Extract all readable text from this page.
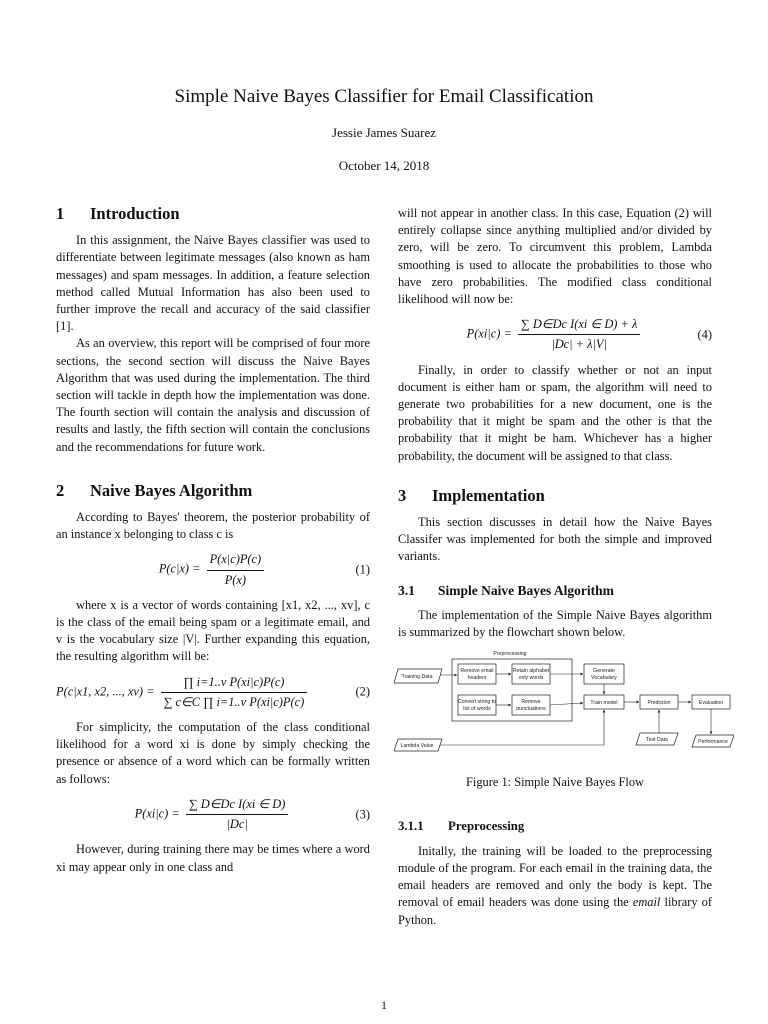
Simple Naive Bayes Classifier for Email Classification
Jessie James Suarez
October 14, 2018
1 Introduction

In this assignment, the Naive Bayes classifier was used to differentiate between legitimate messages (also known as ham messages) and spam messages. In addition, a feature selection method called Mutual Information has also been used to further improve the recall and accuracy of the said classifier [1].

As an overview, this report will be comprised of four more sections, the second section will discuss the Naive Bayes Algorithm that was used during the implementation. The third section will tackle in depth how the implementation was done. The fourth section will contain the analysis and discussion of results and lastly, the fifth section will contain the conclusions and the recommendations for future work.

2 Naive Bayes Algorithm

According to Bayes' theorem, the posterior probability of an instance x belonging to class c is

$P(c|x) = \frac{P(x|c)P(c)}{P(x)}$	(1)

where x is a vector of words containing [x1, x2, ..., xv], c is the class of the email being spam or a legitimate email, and v is the vocabulary size |V|. Further expanding this equation, the resulting algorithm will be:

P(c|x1, x2, ..., $xv) = \frac{\text{∏ i=1..v P(xi|c)P(c)}}{\text{∑ c∈C ∏ i=1..v P(xi|c)P(c)}}$	(2)

For simplicity, the computation of the class conditional likelihood for a word xi is done by simply checking the presence or absence of a word which can be formally written as follows:

$P(xi|c) = \frac{\text{∑ D∈Dc I(xi ∈ D)}}{|Dc|}$	(3)

However, during training there may be times where a word xi may appear only in one class and

will not appear in another class. In this case, Equation (2) will entirely collapse since anything multiplied and/or divided by zero, will be zero. To circumvent this problem, Lambda smoothing is used to allocate the probabilities to those who have zero probabilities. The modified class conditional likelihood will now be:

$P(xi|c) = \frac{\text{∑ D∈Dc I(xi ∈ D) + λ}}{|Dc| + \lambda|V|}$	(4)

Finally, in order to classify whether or not an input document is either ham or spam, the algorithm will need to generate two probabilities for a new document, one is the probability that it might be spam and the other is that the probability that it might be ham. Whichever has a higher probability, the document will be assigned to that class.

3 Implementation

This section discusses in detail how the Naive Bayes Classifer was implemented for both the simple and improved variants.

3.1 Simple Naive Bayes Algorithm

The implementation of the Simple Naive Bayes algorithm is summarized by the flowchart shown below.

Preprocessing
Training Data
Remove email
headers
Retain alphabet
only words
Generate
Vocabulary
Convert string to
list of words
Remove
punctuations
Train model	Prediction	Evaluation
Lambda Value
Test Data	Performance
Figure 1: Simple Naive Bayes Flow
3.1.1 Preprocessing

Initally, the training will be loaded to the preprocessing module of the program. For each email in the training data, the email headers are removed and only the body is kept. The removal of email headers was done using the email library of Python.

1
